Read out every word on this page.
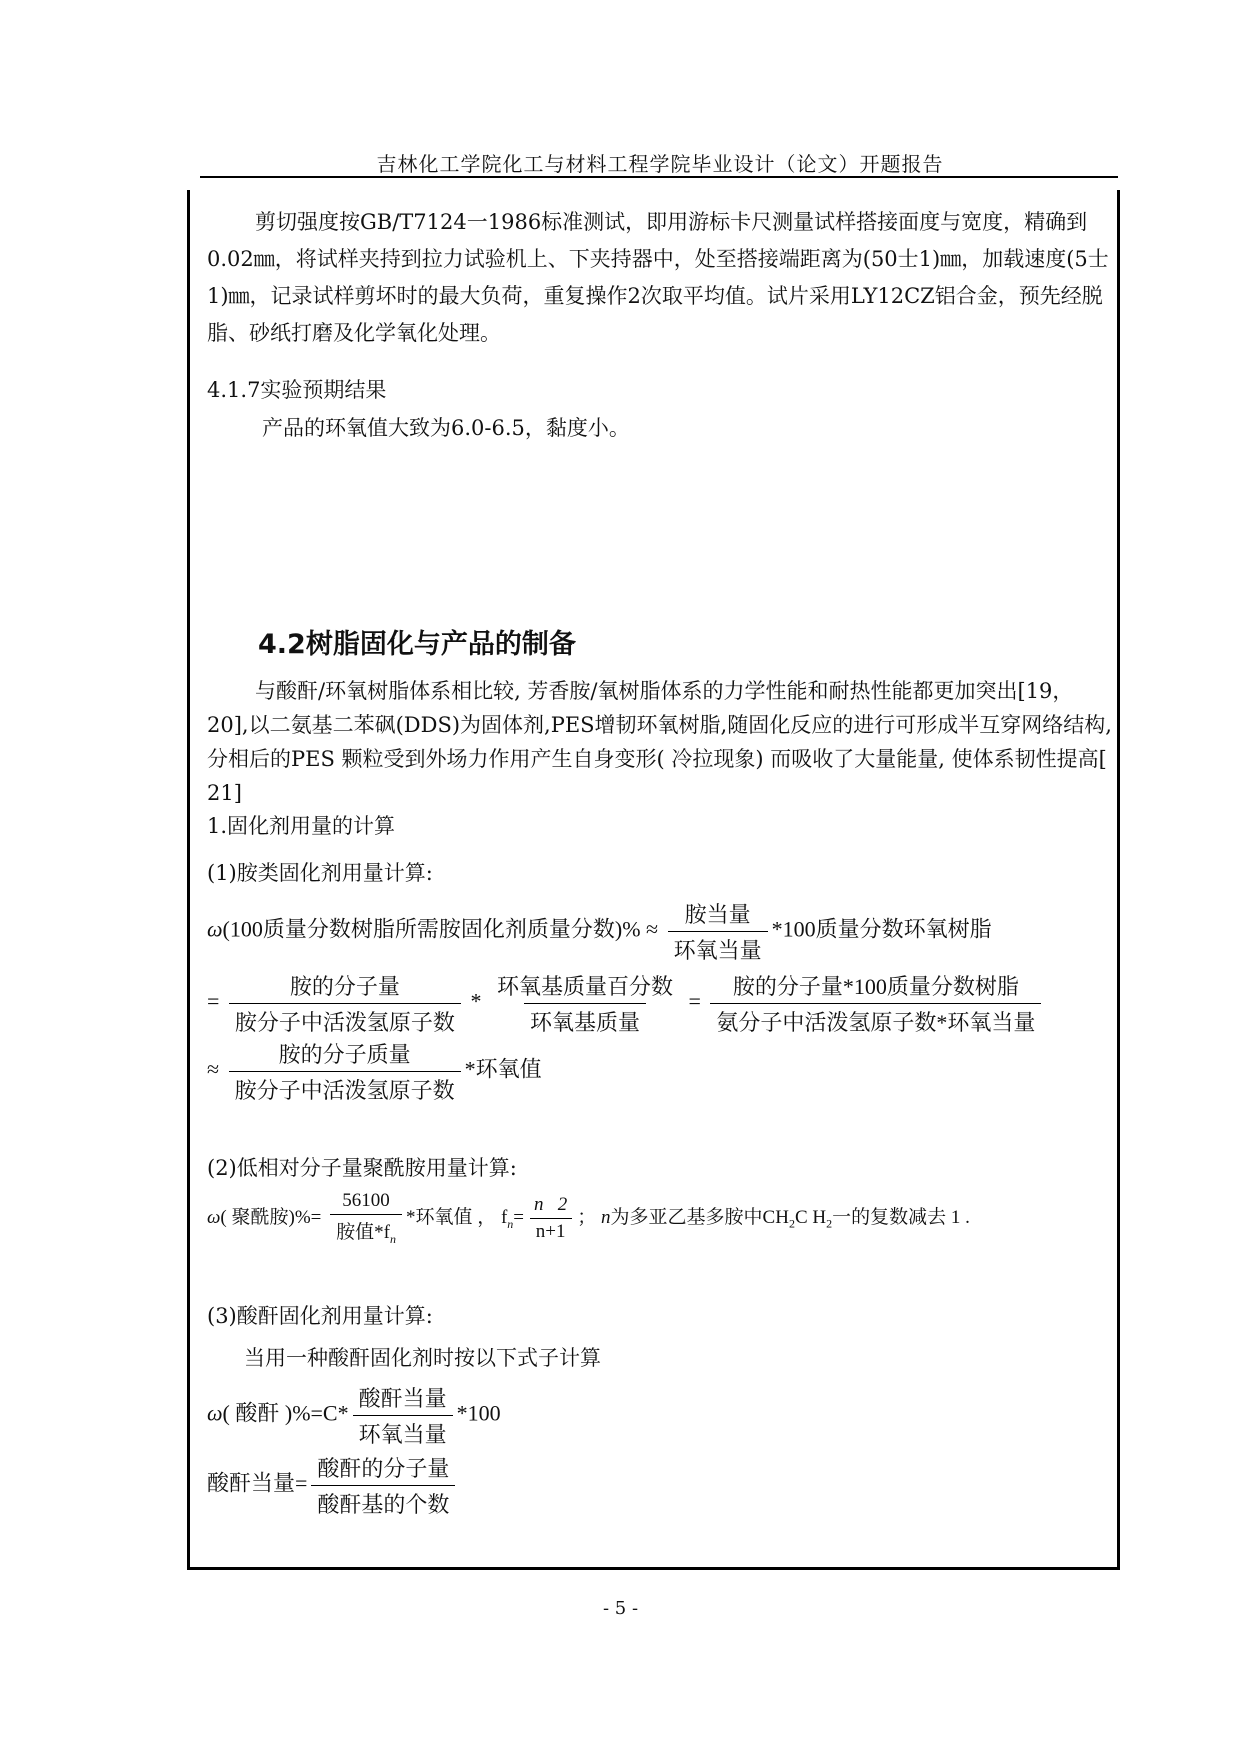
吉林化工学院化工与材料工程学院毕业设计（论文）开题报告
剪切强度按GB/T7124一1986标准测试，即用游标卡尺测量试样搭接面度与宽度，精确到0.02㎜，将试样夹持到拉力试验机上、下夹持器中，处至搭接端距离为(50士1)㎜，加载速度(5士1)㎜，记录试样剪坏时的最大负荷，重复操作2次取平均值。试片采用LY12CZ铝合金，预先经脱脂、砂纸打磨及化学氧化处理。
4.1.7实验预期结果
产品的环氧值大致为6.0-6.5，黏度小。
4.2树脂固化与产品的制备
与酸酐/环氧树脂体系相比较, 芳香胺/氧树脂体系的力学性能和耐热性能都更加突出[19，20],以二氨基二苯砜(DDS)为固体剂,PES增韧环氧树脂,随固化反应的进行可形成半互穿网络结构, 分相后的PES 颗粒受到外场力作用产生自身变形( 冷拉现象) 而吸收了大量能量, 使体系韧性提高[ 21]
1.固化剂用量的计算
(1)胺类固化剂用量计算:
ω(100质量分数树脂所需胺固化剂质量分数)% ≈ $\frac{\text{胺当量}}{\text{环氧当量}} *100$质量分数环氧树脂
= $\frac{\text{胺的分子量}}{\text{胺分子中活泼氢原子数}} * \frac{\text{环氧基质量百分数}}{\text{环氧基质量}} = \frac{\text{胺的分子量*100质量分数树脂}}{\text{氨分子中活泼氢原子数*环氧当量}}$
≈ $\frac{\text{胺的分子质量}}{\text{胺分子中活泼氢原子数}}$ *环氧值
(2)低相对分子量聚酰胺用量计算:
ω( 聚酰胺)%= $\frac{56100}{胺值*f_n}$ *环氧值 ， $f_n= \frac{n 2}{n+1}$ ； n为多亚乙基多胺中$CH_2C$ $H_2$一的复数减去 1 .
(3)酸酐固化剂用量计算:
当用一种酸酐固化剂时按以下式子计算
ω( 酸酐 )$\%=C* \frac{\text{酸酐当量}}{\text{环氧当量}} *100$
酸酐当量= $\frac{\text{酸酐的分子量}}{\text{酸酐基的个数}}$
- 5 -
